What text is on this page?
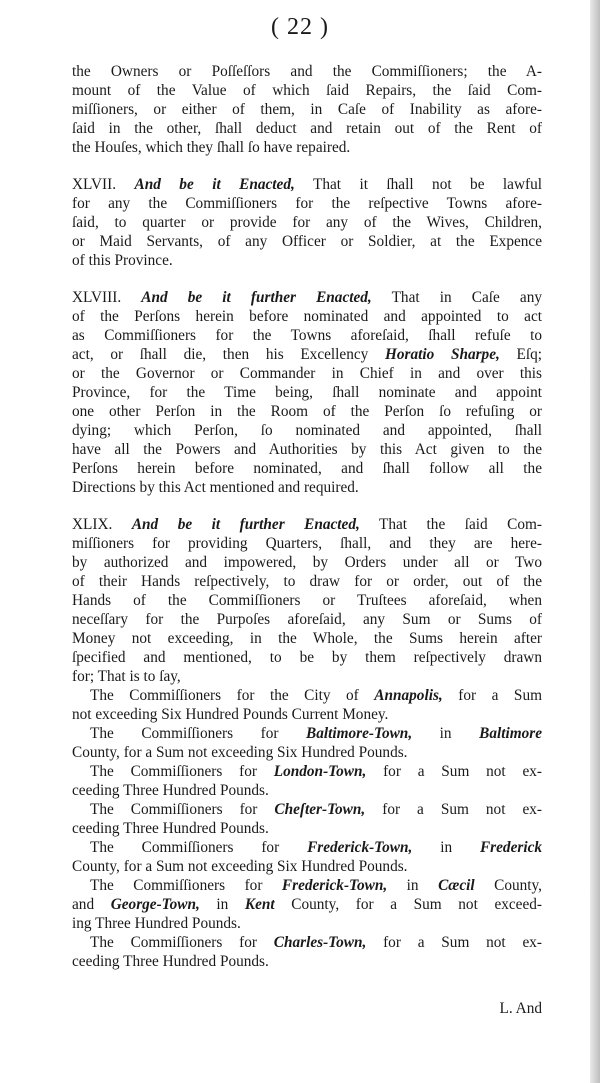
( 22 )
the Owners or Poſſeſſors and the Commiſſioners; the A-
mount of the Value of which ſaid Repairs, the ſaid Com-
miſſioners, or either of them, in Caſe of Inability as afore-
ſaid in the other, ſhall deduct and retain out of the Rent of
the Houſes, which they ſhall ſo have repaired.
XLVII. And be it Enacted, That it ſhall not be lawful
for any the Commiſſioners for the reſpective Towns afore-
ſaid, to quarter or provide for any of the Wives, Children,
or Maid Servants, of any Officer or Soldier, at the Expence
of this Province.
XLVIII. And be it further Enacted, That in Caſe any
of the Perſons herein before nominated and appointed to act
as Commiſſioners for the Towns aforeſaid, ſhall refuſe to
act, or ſhall die, then his Excellency Horatio Sharpe, Eſq;
or the Governor or Commander in Chief in and over this
Province, for the Time being, ſhall nominate and appoint
one other Perſon in the Room of the Perſon ſo refuſing or
dying; which Perſon, ſo nominated and appointed, ſhall
have all the Powers and Authorities by this Act given to the
Perſons herein before nominated, and ſhall follow all the
Directions by this Act mentioned and required.
XLIX. And be it further Enacted, That the ſaid Com-
miſſioners for providing Quarters, ſhall, and they are here-
by authorized and impowered, by Orders under all or Two
of their Hands reſpectively, to draw for or order, out of the
Hands of the Commiſſioners or Truſtees aforeſaid, when
neceſſary for the Purpoſes aforeſaid, any Sum or Sums of
Money not exceeding, in the Whole, the Sums herein after
ſpecified and mentioned, to be by them reſpectively drawn
for; That is to ſay,
The Commiſſioners for the City of Annapolis, for a Sum
not exceeding Six Hundred Pounds Current Money.
The Commiſſioners for Baltimore-Town, in Baltimore
County, for a Sum not exceeding Six Hundred Pounds.
The Commiſſioners for London-Town, for a Sum not ex-
ceeding Three Hundred Pounds.
The Commiſſioners for Cheſter-Town, for a Sum not ex-
ceeding Three Hundred Pounds.
The Commiſſioners for Frederick-Town, in Frederick
County, for a Sum not exceeding Six Hundred Pounds.
The Commiſſioners for Frederick-Town, in Cæcil County,
and George-Town, in Kent County, for a Sum not exceed-
ing Three Hundred Pounds.
The Commiſſioners for Charles-Town, for a Sum not ex-
ceeding Three Hundred Pounds.
L. And
